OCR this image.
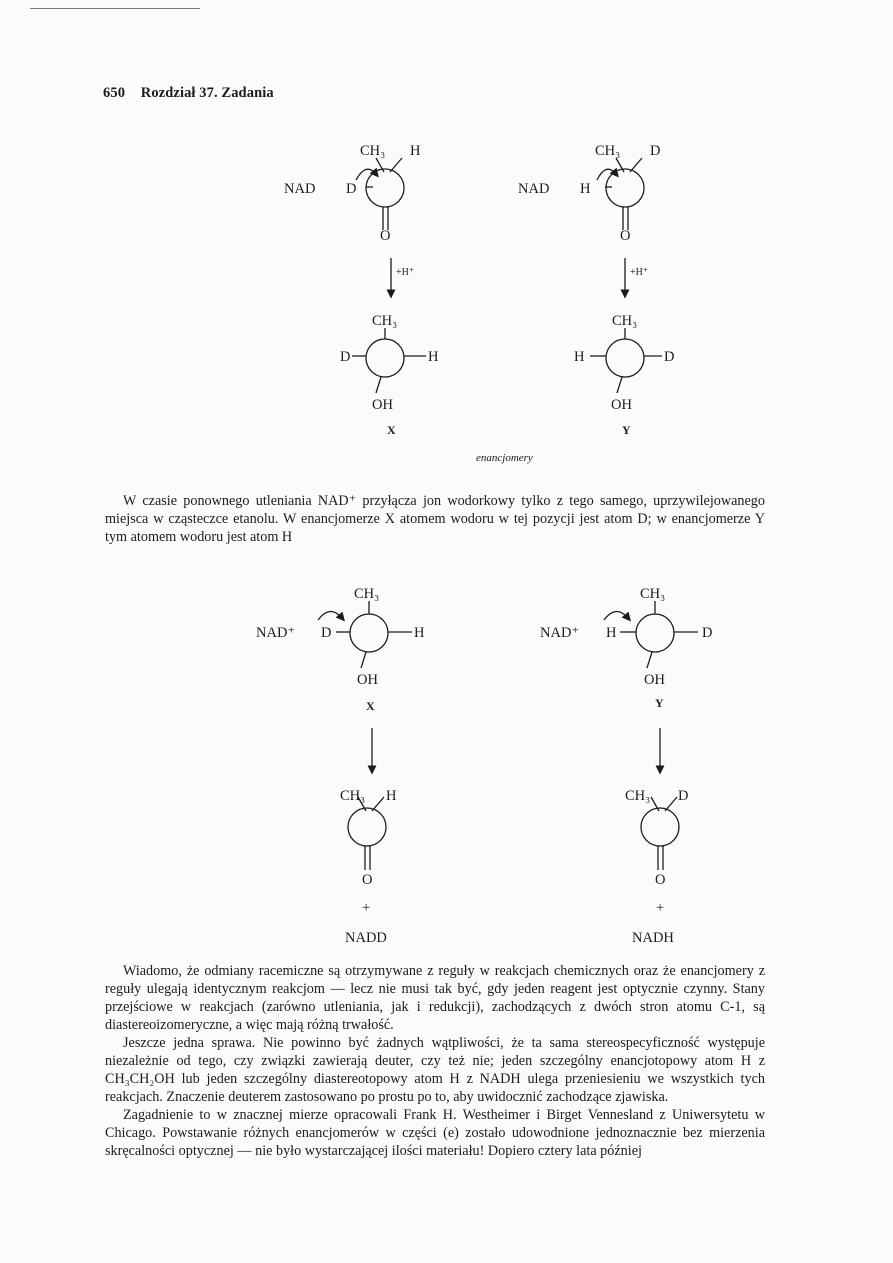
650 Rozdział 37. Zadania
NAD D
CH₃ H
O
NAD H
CH₃ D
O
+H⁺	+H⁺
CH₃
D	H
OH
X
CH₃
H	D
OH
Y
enancjomery
NAD⁺ D
CH₃
H
OH
X
NAD⁺ H
CH₃
D
OH
Y
CH₃ H
O
+
NADD
CH₃ D
O
+
NADH

W czasie ponownego utleniania NAD⁺ przyłącza jon wodorkowy tylko z tego samego, uprzywilejowanego miejsca w cząsteczce etanolu. W enancjomerze X atomem wodoru w tej pozycji jest atom D; w enancjomerze Y tym atomem wodoru jest atom H

Wiadomo, że odmiany racemiczne są otrzymywane z reguły w reakcjach chemicznych oraz że enancjomery z reguły ulegają identycznym reakcjom — lecz nie musi tak być, gdy jeden reagent jest optycznie czynny. Stany przejściowe w reakcjach (zarówno utleniania, jak i redukcji), zachodzących z dwóch stron atomu C-1, są diastereoizomeryczne, a więc mają różną trwałość.

Jeszcze jedna sprawa. Nie powinno być żadnych wątpliwości, że ta sama stereospecyficzność występuje niezależnie od tego, czy związki zawierają deuter, czy też nie; jeden szczególny enancjotopowy atom H z CH₃CH₂OH lub jeden szczególny diastereotopowy atom H z NADH ulega przeniesieniu we wszystkich tych reakcjach. Znaczenie deuterem zastosowano po prostu po to, aby uwidocznić zachodzące zjawiska.

Zagadnienie to w znacznej mierze opracowali Frank H. Westheimer i Birget Vennesland z Uniwersytetu w Chicago. Powstawanie różnych enancjomerów w części (e) zostało udowodnione jednoznacznie bez mierzenia skręcalności optycznej — nie było wystarczającej ilości materiału! Dopiero cztery lata później
